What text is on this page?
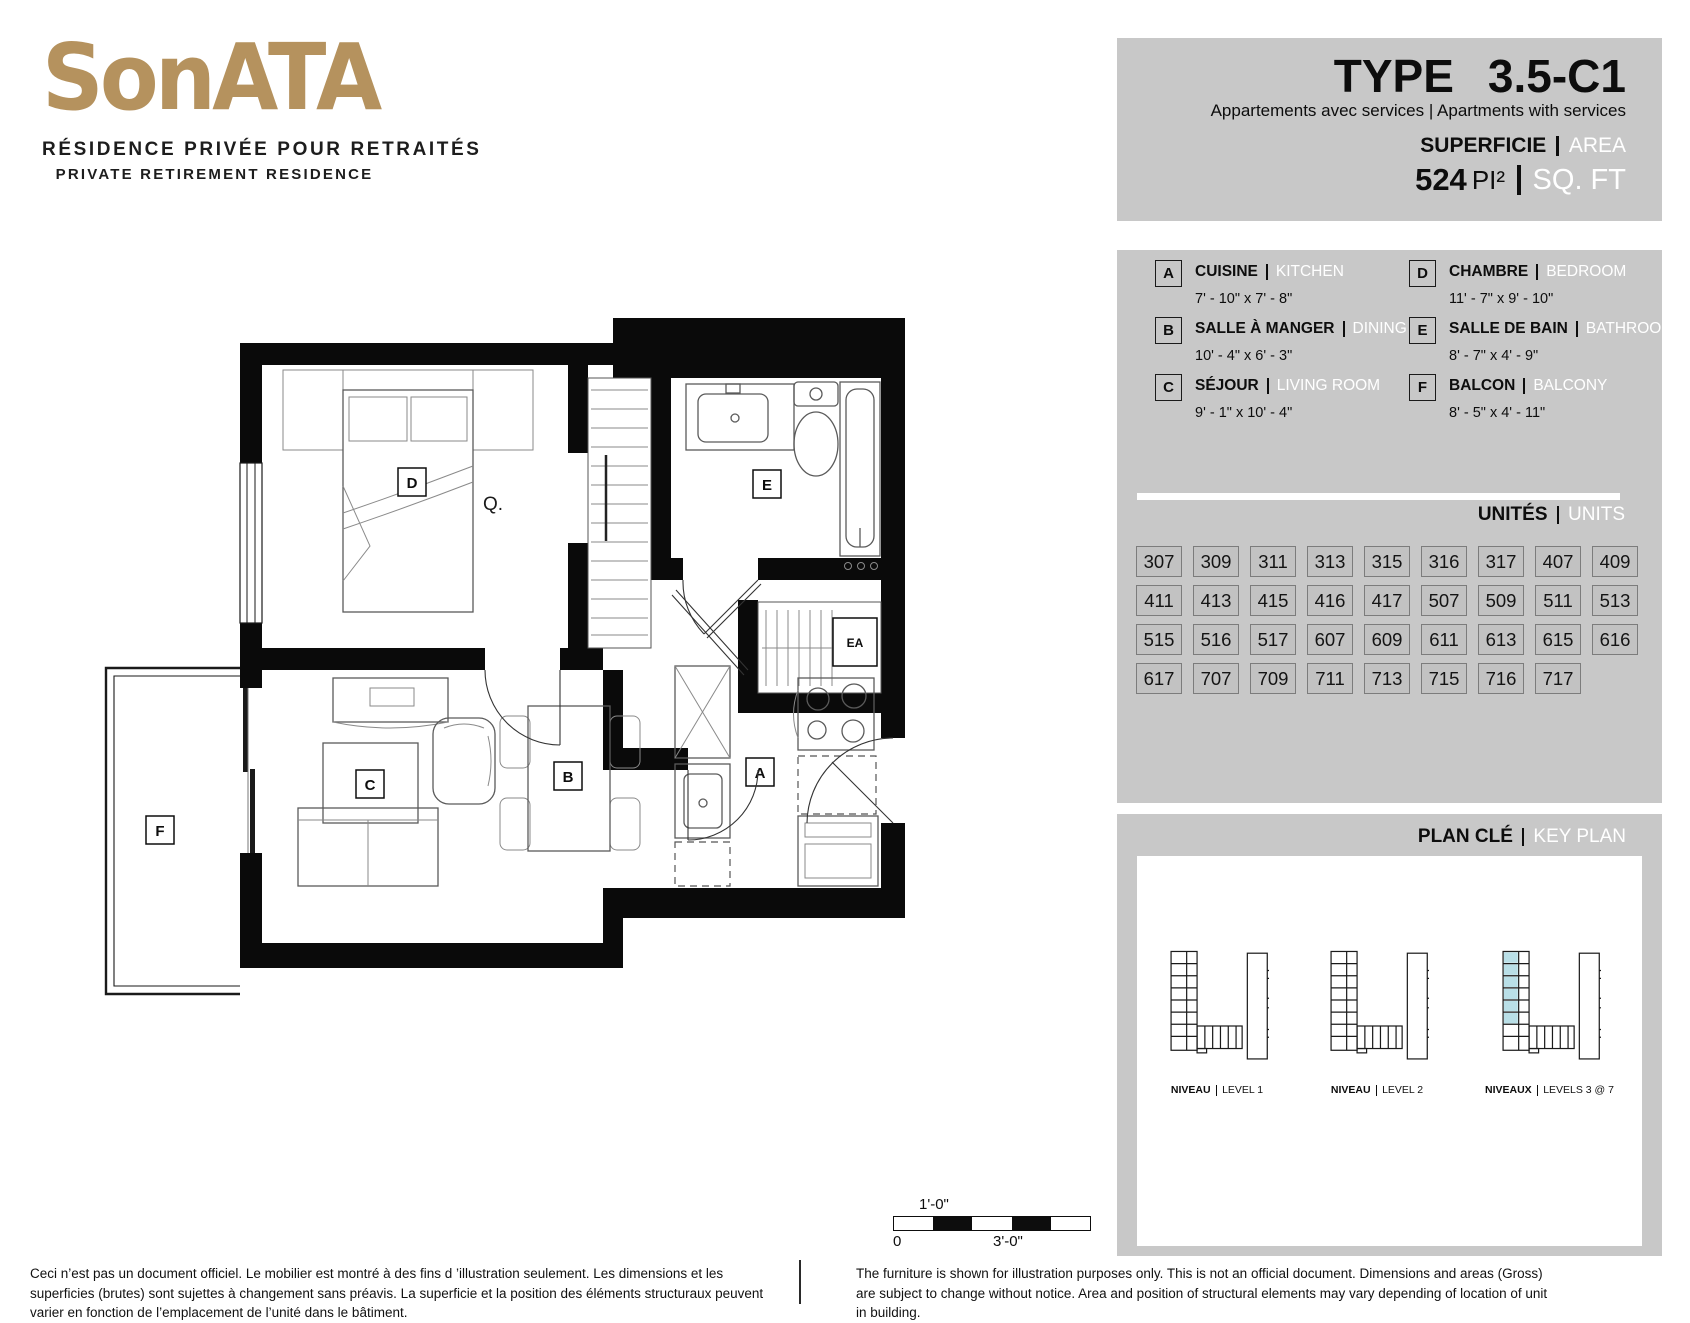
SonATA
RÉSIDENCE PRIVÉE POUR RETRAITÉS
PRIVATE RETIREMENT RESIDENCE
TYPE 3.5-C1
Appartements avec services | Apartments with services
SUPERFICIE AREA
524 PI² SQ. FT
A	CUISINE KITCHEN
7' - 10" x 7' - 8"
D	CHAMBRE BEDROOM
11' - 7" x 9' - 10"
B	SALLE À MANGER DINING
10' - 4" x 6' - 3"
E	SALLE DE BAIN BATHROOM
8' - 7" x 4' - 9"
C	SÉJOUR LIVING ROOM
9' - 1" x 10' - 4"
F	BALCON BALCONY
8' - 5" x 4' - 11"
UNITÉS UNITS
307	309	311	313	315	316	317	407	409
411	413	415	416	417	507	509	511	513
515	516	517	607	609	611	613	615	616
617	707	709	711	713	715	716	717
PLAN CLÉ KEY PLAN
NIVEAU LEVEL 1	NIVEAU LEVEL 2	NIVEAUX LEVELS 3 @ 7
EA
D
Q.
C	B	A
E
F
1'-0"
0	3'-0"
Ceci n’est pas un document officiel. Le mobilier est montré à des fins d ’illustration seulement. Les dimensions et les superficies (brutes) sont sujettes à changement sans préavis. La superficie et la position des éléments structuraux peuvent varier en fonction de l’emplacement de l’unité dans le bâtiment.
The furniture is shown for illustration purposes only. This is not an official document. Dimensions and areas (Gross) are subject to change without notice. Area and position of structural elements may vary depending of location of unit in building.
